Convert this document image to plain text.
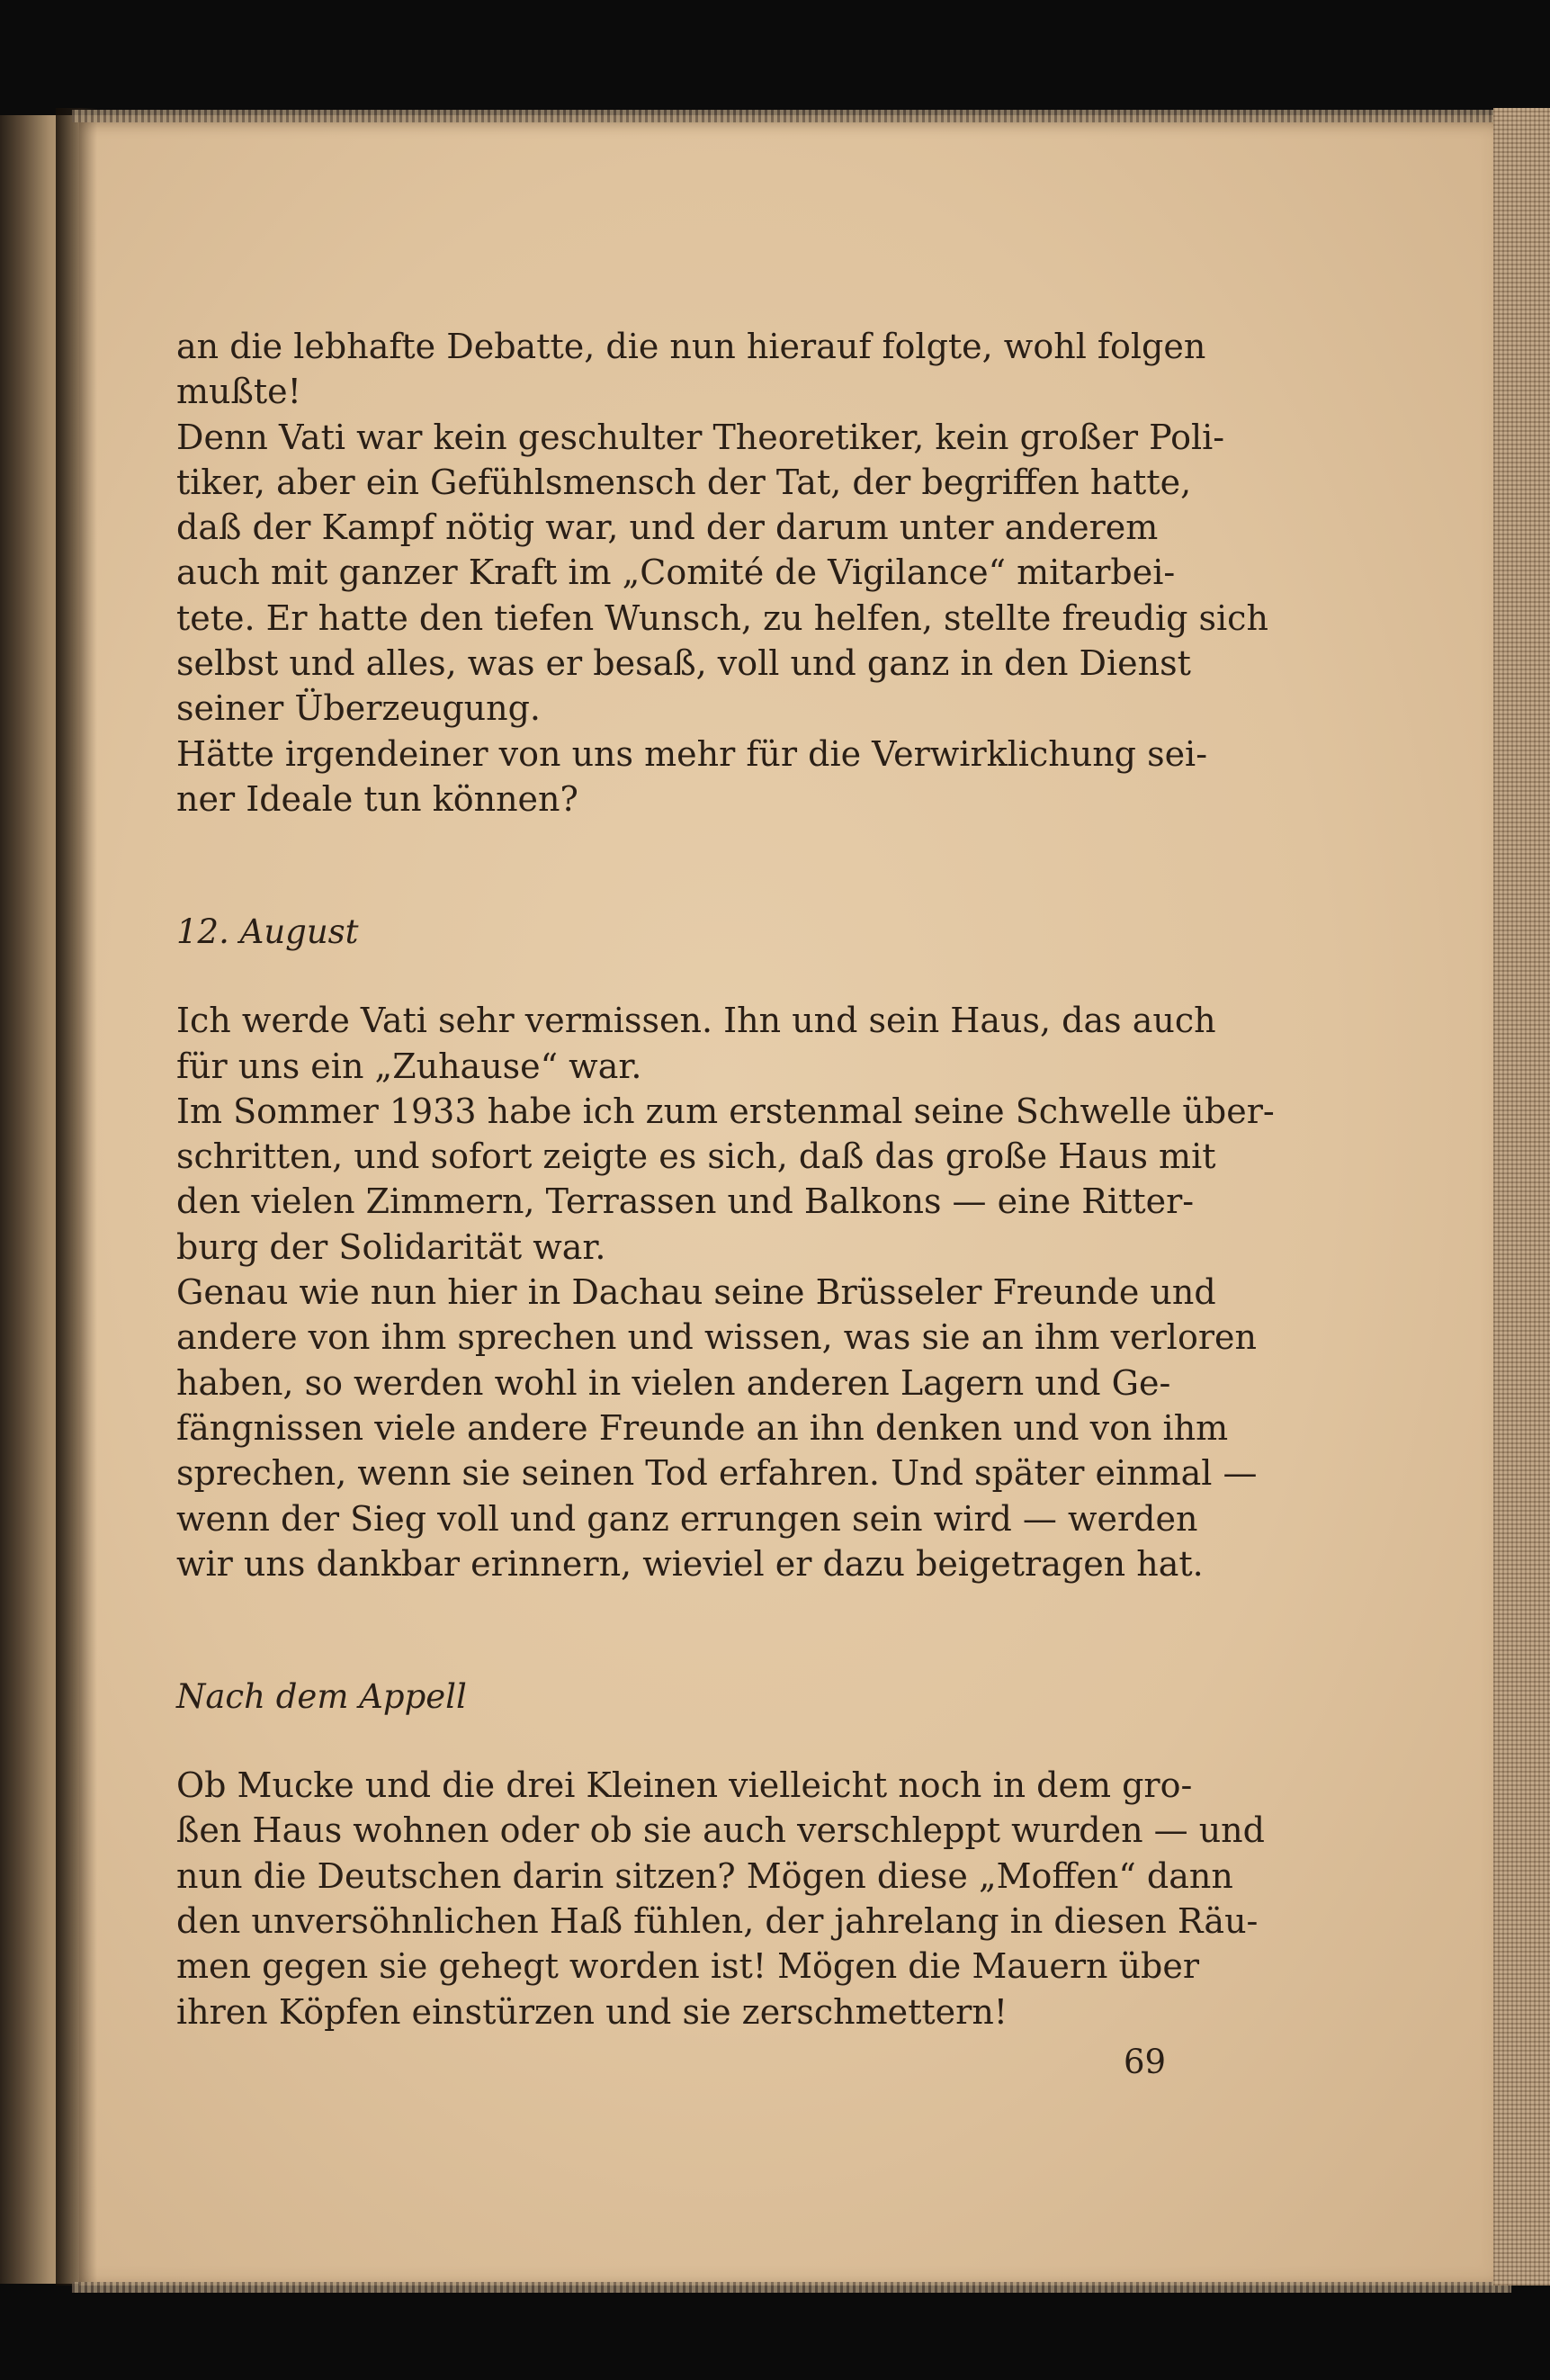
an die lebhafte Debatte, die nun hierauf folgte, wohl folgen
mußte!
Denn Vati war kein geschulter Theoretiker, kein großer Poli-
tiker, aber ein Gefühlsmensch der Tat, der begriffen hatte,
daß der Kampf nötig war, und der darum unter anderem
auch mit ganzer Kraft im „Comité de Vigilance“ mitarbei-
tete. Er hatte den tiefen Wunsch, zu helfen, stellte freudig sich
selbst und alles, was er besaß, voll und ganz in den Dienst
seiner Überzeugung.
Hätte irgendeiner von uns mehr für die Verwirklichung sei-
ner Ideale tun können?
12. August
Ich werde Vati sehr vermissen. Ihn und sein Haus, das auch
für uns ein „Zuhause“ war.
Im Sommer 1933 habe ich zum erstenmal seine Schwelle über-
schritten, und sofort zeigte es sich, daß das große Haus mit
den vielen Zimmern, Terrassen und Balkons — eine Ritter-
burg der Solidarität war.
Genau wie nun hier in Dachau seine Brüsseler Freunde und
andere von ihm sprechen und wissen, was sie an ihm verloren
haben, so werden wohl in vielen anderen Lagern und Ge-
fängnissen viele andere Freunde an ihn denken und von ihm
sprechen, wenn sie seinen Tod erfahren. Und später einmal —
wenn der Sieg voll und ganz errungen sein wird — werden
wir uns dankbar erinnern, wieviel er dazu beigetragen hat.
Nach dem Appell
Ob Mucke und die drei Kleinen vielleicht noch in dem gro-
ßen Haus wohnen oder ob sie auch verschleppt wurden — und
nun die Deutschen darin sitzen? Mögen diese „Moffen“ dann
den unversöhnlichen Haß fühlen, der jahrelang in diesen Räu-
men gegen sie gehegt worden ist! Mögen die Mauern über
ihren Köpfen einstürzen und sie zerschmettern!
69
